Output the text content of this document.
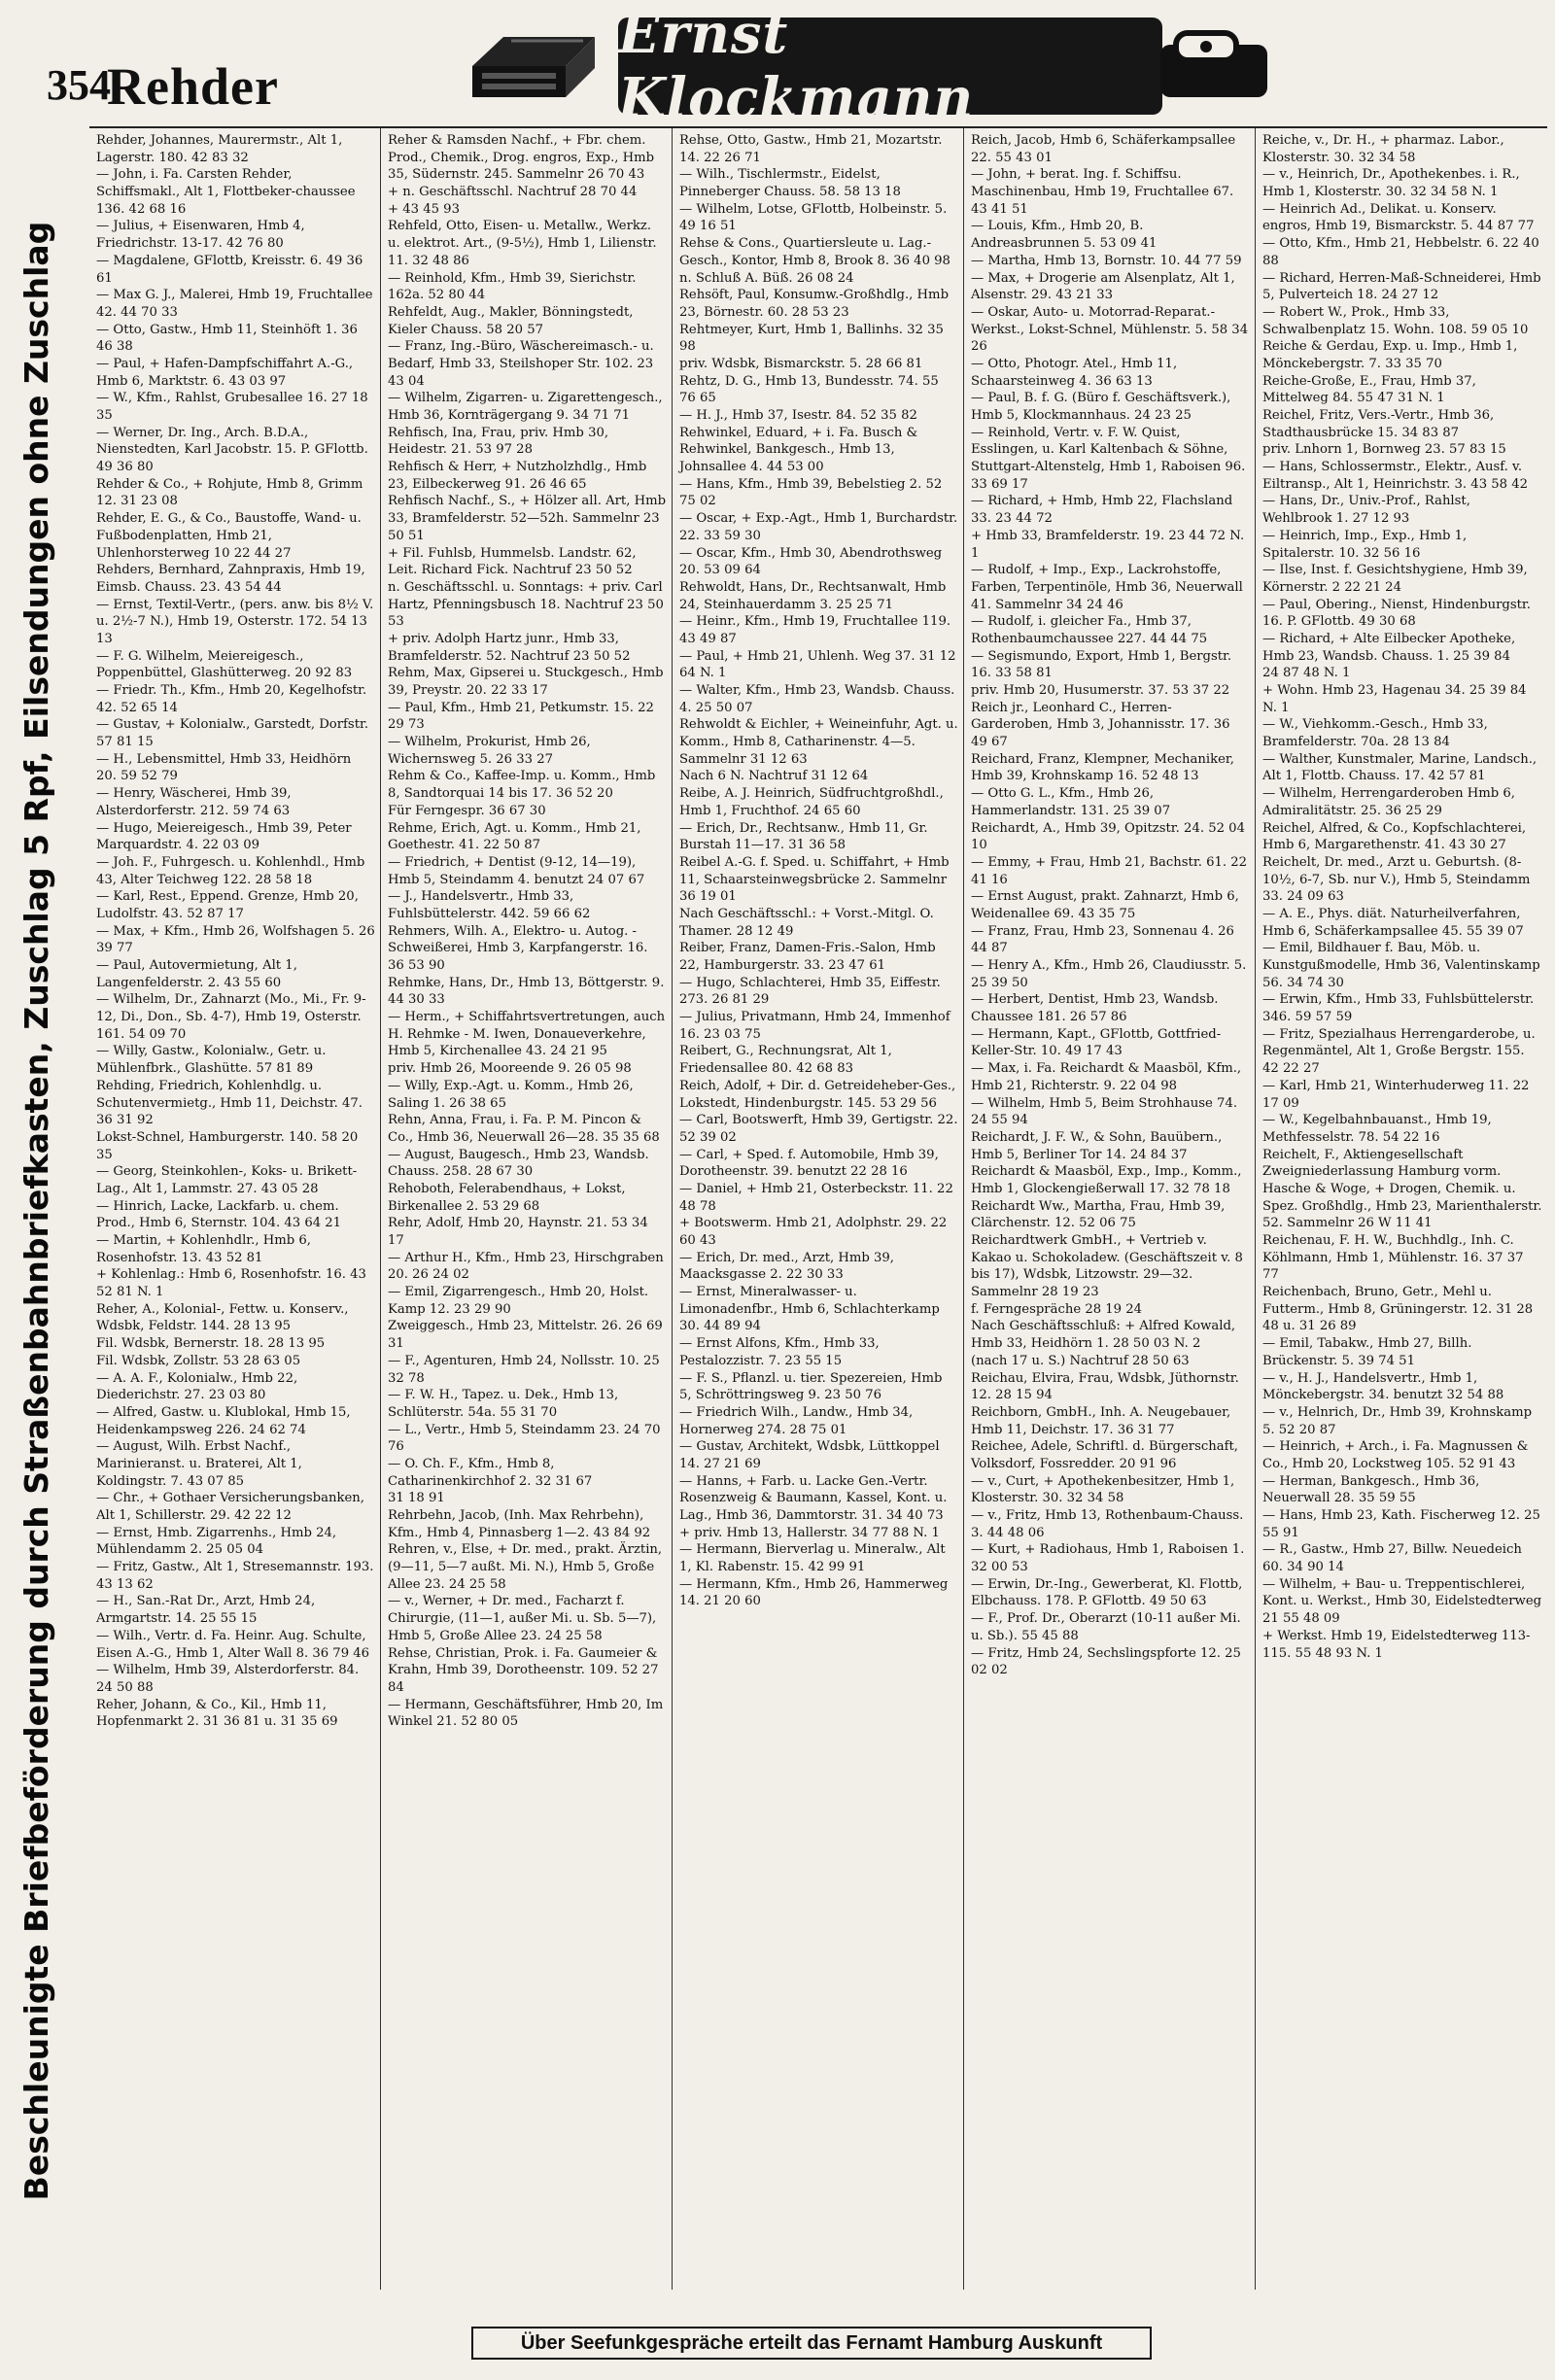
354
Rehder
Ernst Klockmann
Beschleunigte Briefbeförderung durch Straßenbahnbriefkasten, Zuschlag 5 Rpf, Eilsendungen ohne Zuschlag
Rehder, Johannes, Maurermstr., Alt 1, Lagerstr. 180. 42 83 32
— John, i. Fa. Carsten Rehder, Schiffsmakl., Alt 1, Flottbeker-chaussee 136. 42 68 16
— Julius, + Eisenwaren, Hmb 4, Friedrichstr. 13-17. 42 76 80
— Magdalene, GFlottb, Kreisstr. 6. 49 36 61
— Max G. J., Malerei, Hmb 19, Fruchtallee 42. 44 70 33
— Otto, Gastw., Hmb 11, Steinhöft 1. 36 46 38
— Paul, + Hafen-Dampfschiffahrt A.-G., Hmb 6, Marktstr. 6. 43 03 97
— W., Kfm., Rahlst, Grubesallee 16. 27 18 35
— Werner, Dr. Ing., Arch. B.D.A., Nienstedten, Karl Jacobstr. 15. P. GFlottb. 49 36 80
Rehder & Co., + Rohjute, Hmb 8, Grimm 12. 31 23 08
Rehder, E. G., & Co., Baustoffe, Wand- u. Fußbodenplatten, Hmb 21, Uhlenhorsterweg 10 22 44 27
Rehders, Bernhard, Zahnpraxis, Hmb 19, Eimsb. Chauss. 23. 43 54 44
— Ernst, Textil-Vertr., (pers. anw. bis 8½ V. u. 2½-7 N.), Hmb 19, Osterstr. 172. 54 13 13
— F. G. Wilhelm, Meiereigesch., Poppenbüttel, Glashütterweg. 20 92 83
— Friedr. Th., Kfm., Hmb 20, Kegelhofstr. 42. 52 65 14
— Gustav, + Kolonialw., Garstedt, Dorfstr. 57 81 15
— H., Lebensmittel, Hmb 33, Heidhörn 20. 59 52 79
— Henry, Wäscherei, Hmb 39, Alsterdorferstr. 212. 59 74 63
— Hugo, Meiereigesch., Hmb 39, Peter Marquardstr. 4. 22 03 09
— Joh. F., Fuhrgesch. u. Kohlenhdl., Hmb 43, Alter Teichweg 122. 28 58 18
— Karl, Rest., Eppend. Grenze, Hmb 20, Ludolfstr. 43. 52 87 17
— Max, + Kfm., Hmb 26, Wolfshagen 5. 26 39 77
— Paul, Autovermietung, Alt 1, Langenfelderstr. 2. 43 55 60
— Wilhelm, Dr., Zahnarzt (Mo., Mi., Fr. 9-12, Di., Don., Sb. 4-7), Hmb 19, Osterstr. 161. 54 09 70
— Willy, Gastw., Kolonialw., Getr. u. Mühlenfbrk., Glashütte. 57 81 89
Rehding, Friedrich, Kohlenhdlg. u. Schutenvermietg., Hmb 11, Deichstr. 47. 36 31 92
Lokst-Schnel, Hamburgerstr. 140. 58 20 35
— Georg, Steinkohlen-, Koks- u. Brikett-Lag., Alt 1, Lammstr. 27. 43 05 28
— Hinrich, Lacke, Lackfarb. u. chem. Prod., Hmb 6, Sternstr. 104. 43 64 21
— Martin, + Kohlenhdlr., Hmb 6, Rosenhofstr. 13. 43 52 81
+ Kohlenlag.: Hmb 6, Rosenhofstr. 16. 43 52 81 N. 1
Reher, A., Kolonial-, Fettw. u. Konserv., Wdsbk, Feldstr. 144. 28 13 95
Fil. Wdsbk, Bernerstr. 18. 28 13 95
Fil. Wdsbk, Zollstr. 53 28 63 05
— A. A. F., Kolonialw., Hmb 22, Diederichstr. 27. 23 03 80
— Alfred, Gastw. u. Klublokal, Hmb 15, Heidenkampsweg 226. 24 62 74
— August, Wilh. Erbst Nachf., Marinieranst. u. Braterei, Alt 1, Koldingstr. 7. 43 07 85
— Chr., + Gothaer Versicherungsbanken, Alt 1, Schillerstr. 29. 42 22 12
— Ernst, Hmb. Zigarrenhs., Hmb 24, Mühlendamm 2. 25 05 04
— Fritz, Gastw., Alt 1, Stresemannstr. 193. 43 13 62
— H., San.-Rat Dr., Arzt, Hmb 24, Armgartstr. 14. 25 55 15
— Wilh., Vertr. d. Fa. Heinr. Aug. Schulte, Eisen A.-G., Hmb 1, Alter Wall 8. 36 79 46
— Wilhelm, Hmb 39, Alsterdorferstr. 84. 24 50 88
Reher, Johann, & Co., Kil., Hmb 11, Hopfenmarkt 2. 31 36 81 u. 31 35 69
Reher & Ramsden Nachf., + Fbr. chem. Prod., Chemik., Drog. engros, Exp., Hmb 35, Südernstr. 245. Sammelnr 26 70 43
+ n. Geschäftsschl. Nachtruf 28 70 44
+ 43 45 93
Rehfeld, Otto, Eisen- u. Metallw., Werkz. u. elektrot. Art., (9-5½), Hmb 1, Lilienstr. 11. 32 48 86
— Reinhold, Kfm., Hmb 39, Sierichstr. 162a. 52 80 44
Rehfeldt, Aug., Makler, Bönningstedt, Kieler Chauss. 58 20 57
— Franz, Ing.-Büro, Wäschereimasch.- u. Bedarf, Hmb 33, Steilshoper Str. 102. 23 43 04
— Wilhelm, Zigarren- u. Zigarettengesch., Hmb 36, Kornträgergang 9. 34 71 71
Rehfisch, Ina, Frau, priv. Hmb 30, Heidestr. 21. 53 97 28
Rehfisch & Herr, + Nutzholzhdlg., Hmb 23, Eilbeckerweg 91. 26 46 65
Rehfisch Nachf., S., + Hölzer all. Art, Hmb 33, Bramfelderstr. 52—52h. Sammelnr 23 50 51
+ Fil. Fuhlsb, Hummelsb. Landstr. 62, Leit. Richard Fick. Nachtruf 23 50 52
n. Geschäftsschl. u. Sonntags: + priv. Carl Hartz, Pfenningsbusch 18. Nachtruf 23 50 53
+ priv. Adolph Hartz junr., Hmb 33, Bramfelderstr. 52. Nachtruf 23 50 52
Rehm, Max, Gipserei u. Stuckgesch., Hmb 39, Preystr. 20. 22 33 17
— Paul, Kfm., Hmb 21, Petkumstr. 15. 22 29 73
— Wilhelm, Prokurist, Hmb 26, Wichernsweg 5. 26 33 27
Rehm & Co., Kaffee-Imp. u. Komm., Hmb 8, Sandtorquai 14 bis 17. 36 52 20
Für Ferngespr. 36 67 30
Rehme, Erich, Agt. u. Komm., Hmb 21, Goethestr. 41. 22 50 87
— Friedrich, + Dentist (9-12, 14—19), Hmb 5, Steindamm 4. benutzt 24 07 67
— J., Handelsvertr., Hmb 33, Fuhlsbüttelerstr. 442. 59 66 62
Rehmers, Wilh. A., Elektro- u. Autog. - Schweißerei, Hmb 3, Karpfangerstr. 16. 36 53 90
Rehmke, Hans, Dr., Hmb 13, Böttgerstr. 9. 44 30 33
— Herm., + Schiffahrtsvertretungen, auch H. Rehmke - M. Iwen, Donaueverkehre, Hmb 5, Kirchenallee 43. 24 21 95
priv. Hmb 26, Mooreende 9. 26 05 98
— Willy, Exp.-Agt. u. Komm., Hmb 26, Saling 1. 26 38 65
Rehn, Anna, Frau, i. Fa. P. M. Pincon & Co., Hmb 36, Neuerwall 26—28. 35 35 68
— August, Baugesch., Hmb 23, Wandsb. Chauss. 258. 28 67 30
Rehoboth, Felerabendhaus, + Lokst, Birkenallee 2. 53 29 68
Rehr, Adolf, Hmb 20, Haynstr. 21. 53 34 17
— Arthur H., Kfm., Hmb 23, Hirschgraben 20. 26 24 02
— Emil, Zigarrengesch., Hmb 20, Holst. Kamp 12. 23 29 90
Zweiggesch., Hmb 23, Mittelstr. 26. 26 69 31
— F., Agenturen, Hmb 24, Nollsstr. 10. 25 32 78
— F. W. H., Tapez. u. Dek., Hmb 13, Schlüterstr. 54a. 55 31 70
— L., Vertr., Hmb 5, Steindamm 23. 24 70 76
— O. Ch. F., Kfm., Hmb 8, Catharinenkirchhof 2. 32 31 67
31 18 91
Rehrbehn, Jacob, (Inh. Max Rehrbehn), Kfm., Hmb 4, Pinnasberg 1—2. 43 84 92
Rehren, v., Else, + Dr. med., prakt. Ärztin, (9—11, 5—7 außt. Mi. N.), Hmb 5, Große Allee 23. 24 25 58
— v., Werner, + Dr. med., Facharzt f. Chirurgie, (11—1, außer Mi. u. Sb. 5—7), Hmb 5, Große Allee 23. 24 25 58
Rehse, Christian, Prok. i. Fa. Gaumeier & Krahn, Hmb 39, Dorotheenstr. 109. 52 27 84
— Hermann, Geschäftsführer, Hmb 20, Im Winkel 21. 52 80 05
Rehse, Otto, Gastw., Hmb 21, Mozartstr. 14. 22 26 71
— Wilh., Tischlermstr., Eidelst, Pinneberger Chauss. 58. 58 13 18
— Wilhelm, Lotse, GFlottb, Holbeinstr. 5. 49 16 51
Rehse & Cons., Quartiersleute u. Lag.-Gesch., Kontor, Hmb 8, Brook 8. 36 40 98
n. Schluß A. Büß. 26 08 24
Rehsöft, Paul, Konsumw.-Großhdlg., Hmb 23, Börnestr. 60. 28 53 23
Rehtmeyer, Kurt, Hmb 1, Ballinhs. 32 35 98
priv. Wdsbk, Bismarckstr. 5. 28 66 81
Rehtz, D. G., Hmb 13, Bundesstr. 74. 55 76 65
— H. J., Hmb 37, Isestr. 84. 52 35 82
Rehwinkel, Eduard, + i. Fa. Busch & Rehwinkel, Bankgesch., Hmb 13, Johnsallee 4. 44 53 00
— Hans, Kfm., Hmb 39, Bebelstieg 2. 52 75 02
— Oscar, + Exp.-Agt., Hmb 1, Burchardstr. 22. 33 59 30
— Oscar, Kfm., Hmb 30, Abendrothsweg 20. 53 09 64
Rehwoldt, Hans, Dr., Rechtsanwalt, Hmb 24, Steinhauerdamm 3. 25 25 71
— Heinr., Kfm., Hmb 19, Fruchtallee 119. 43 49 87
— Paul, + Hmb 21, Uhlenh. Weg 37. 31 12 64 N. 1
— Walter, Kfm., Hmb 23, Wandsb. Chauss. 4. 25 50 07
Rehwoldt & Eichler, + Weineinfuhr, Agt. u. Komm., Hmb 8, Catharinenstr. 4—5. Sammelnr 31 12 63
Nach 6 N. Nachtruf 31 12 64
Reibe, A. J. Heinrich, Südfruchtgroßhdl., Hmb 1, Fruchthof. 24 65 60
— Erich, Dr., Rechtsanw., Hmb 11, Gr. Burstah 11—17. 31 36 58
Reibel A.-G. f. Sped. u. Schiffahrt, + Hmb 11, Schaarsteinwegsbrücke 2. Sammelnr 36 19 01
Nach Geschäftsschl.: + Vorst.-Mitgl. O. Thamer. 28 12 49
Reiber, Franz, Damen-Fris.-Salon, Hmb 22, Hamburgerstr. 33. 23 47 61
— Hugo, Schlachterei, Hmb 35, Eiffestr. 273. 26 81 29
— Julius, Privatmann, Hmb 24, Immenhof 16. 23 03 75
Reibert, G., Rechnungsrat, Alt 1, Friedensallee 80. 42 68 83
Reich, Adolf, + Dir. d. Getreideheber-Ges., Lokstedt, Hindenburgstr. 145. 53 29 56
— Carl, Bootswerft, Hmb 39, Gertigstr. 22. 52 39 02
— Carl, + Sped. f. Automobile, Hmb 39, Dorotheenstr. 39. benutzt 22 28 16
— Daniel, + Hmb 21, Osterbeckstr. 11. 22 48 78
+ Bootswerm. Hmb 21, Adolphstr. 29. 22 60 43
— Erich, Dr. med., Arzt, Hmb 39, Maacksgasse 2. 22 30 33
— Ernst, Mineralwasser- u. Limonadenfbr., Hmb 6, Schlachterkamp 30. 44 89 94
— Ernst Alfons, Kfm., Hmb 33, Pestalozzistr. 7. 23 55 15
— F. S., Pflanzl. u. tier. Spezereien, Hmb 5, Schröttringsweg 9. 23 50 76
— Friedrich Wilh., Landw., Hmb 34, Hornerweg 274. 28 75 01
— Gustav, Architekt, Wdsbk, Lüttkoppel 14. 27 21 69
— Hanns, + Farb. u. Lacke Gen.-Vertr. Rosenzweig & Baumann, Kassel, Kont. u. Lag., Hmb 36, Dammtorstr. 31. 34 40 73
+ priv. Hmb 13, Hallerstr. 34 77 88 N. 1
— Hermann, Bierverlag u. Mineralw., Alt 1, Kl. Rabenstr. 15. 42 99 91
— Hermann, Kfm., Hmb 26, Hammerweg 14. 21 20 60
Reich, Jacob, Hmb 6, Schäferkampsallee 22. 55 43 01
— John, + berat. Ing. f. Schiffsu. Maschinenbau, Hmb 19, Fruchtallee 67. 43 41 51
— Louis, Kfm., Hmb 20, B. Andreasbrunnen 5. 53 09 41
— Martha, Hmb 13, Bornstr. 10. 44 77 59
— Max, + Drogerie am Alsenplatz, Alt 1, Alsenstr. 29. 43 21 33
— Oskar, Auto- u. Motorrad-Reparat.-Werkst., Lokst-Schnel, Mühlenstr. 5. 58 34 26
— Otto, Photogr. Atel., Hmb 11, Schaarsteinweg 4. 36 63 13
— Paul, B. f. G. (Büro f. Geschäftsverk.), Hmb 5, Klockmannhaus. 24 23 25
— Reinhold, Vertr. v. F. W. Quist, Esslingen, u. Karl Kaltenbach & Söhne, Stuttgart-Altenstelg, Hmb 1, Raboisen 96. 33 69 17
— Richard, + Hmb, Hmb 22, Flachsland 33. 23 44 72
+ Hmb 33, Bramfelderstr. 19. 23 44 72 N. 1
— Rudolf, + Imp., Exp., Lackrohstoffe, Farben, Terpentinöle, Hmb 36, Neuerwall 41. Sammelnr 34 24 46
— Rudolf, i. gleicher Fa., Hmb 37, Rothenbaumchaussee 227. 44 44 75
— Segismundo, Export, Hmb 1, Bergstr. 16. 33 58 81
priv. Hmb 20, Husumerstr. 37. 53 37 22
Reich jr., Leonhard C., Herren-Garderoben, Hmb 3, Johannisstr. 17. 36 49 67
Reichard, Franz, Klempner, Mechaniker, Hmb 39, Krohnskamp 16. 52 48 13
— Otto G. L., Kfm., Hmb 26, Hammerlandstr. 131. 25 39 07
Reichardt, A., Hmb 39, Opitzstr. 24. 52 04 10
— Emmy, + Frau, Hmb 21, Bachstr. 61. 22 41 16
— Ernst August, prakt. Zahnarzt, Hmb 6, Weidenallee 69. 43 35 75
— Franz, Frau, Hmb 23, Sonnenau 4. 26 44 87
— Henry A., Kfm., Hmb 26, Claudiusstr. 5. 25 39 50
— Herbert, Dentist, Hmb 23, Wandsb. Chaussee 181. 26 57 86
— Hermann, Kapt., GFlottb, Gottfried-Keller-Str. 10. 49 17 43
— Max, i. Fa. Reichardt & Maasböl, Kfm., Hmb 21, Richterstr. 9. 22 04 98
— Wilhelm, Hmb 5, Beim Strohhause 74. 24 55 94
Reichardt, J. F. W., & Sohn, Bauübern., Hmb 5, Berliner Tor 14. 24 84 37
Reichardt & Maasböl, Exp., Imp., Komm., Hmb 1, Glockengießerwall 17. 32 78 18
Reichardt Ww., Martha, Frau, Hmb 39, Clärchenstr. 12. 52 06 75
Reichardtwerk GmbH., + Vertrieb v. Kakao u. Schokoladew. (Geschäftszeit v. 8 bis 17), Wdsbk, Litzowstr. 29—32. Sammelnr 28 19 23
f. Ferngespräche 28 19 24
Nach Geschäftsschluß: + Alfred Kowald, Hmb 33, Heidhörn 1. 28 50 03 N. 2
(nach 17 u. S.) Nachtruf 28 50 63
Reichau, Elvira, Frau, Wdsbk, Jüthornstr. 12. 28 15 94
Reichborn, GmbH., Inh. A. Neugebauer, Hmb 11, Deichstr. 17. 36 31 77
Reichee, Adele, Schriftl. d. Bürgerschaft, Volksdorf, Fossredder. 20 91 96
— v., Curt, + Apothekenbesitzer, Hmb 1, Klosterstr. 30. 32 34 58
— v., Fritz, Hmb 13, Rothenbaum-Chauss. 3. 44 48 06
— Kurt, + Radiohaus, Hmb 1, Raboisen 1. 32 00 53
— Erwin, Dr.-Ing., Gewerberat, Kl. Flottb, Elbchauss. 178. P. GFlottb. 49 50 63
— F., Prof. Dr., Oberarzt (10-11 außer Mi. u. Sb.). 55 45 88
— Fritz, Hmb 24, Sechslingspforte 12. 25 02 02
Reiche, v., Dr. H., + pharmaz. Labor., Klosterstr. 30. 32 34 58
— v., Heinrich, Dr., Apothekenbes. i. R., Hmb 1, Klosterstr. 30. 32 34 58 N. 1
— Heinrich Ad., Delikat. u. Konserv. engros, Hmb 19, Bismarckstr. 5. 44 87 77
— Otto, Kfm., Hmb 21, Hebbelstr. 6. 22 40 88
— Richard, Herren-Maß-Schneiderei, Hmb 5, Pulverteich 18. 24 27 12
— Robert W., Prok., Hmb 33, Schwalbenplatz 15. Wohn. 108. 59 05 10
Reiche & Gerdau, Exp. u. Imp., Hmb 1, Mönckebergstr. 7. 33 35 70
Reiche-Große, E., Frau, Hmb 37, Mittelweg 84. 55 47 31 N. 1
Reichel, Fritz, Vers.-Vertr., Hmb 36, Stadthausbrücke 15. 34 83 87
priv. Lnhorn 1, Bornweg 23. 57 83 15
— Hans, Schlossermstr., Elektr., Ausf. v. Eiltransp., Alt 1, Heinrichstr. 3. 43 58 42
— Hans, Dr., Univ.-Prof., Rahlst, Wehlbrook 1. 27 12 93
— Heinrich, Imp., Exp., Hmb 1, Spitalerstr. 10. 32 56 16
— Ilse, Inst. f. Gesichtshygiene, Hmb 39, Körnerstr. 2 22 21 24
— Paul, Obering., Nienst, Hindenburgstr. 16. P. GFlottb. 49 30 68
— Richard, + Alte Eilbecker Apotheke, Hmb 23, Wandsb. Chauss. 1. 25 39 84
24 87 48 N. 1
+ Wohn. Hmb 23, Hagenau 34. 25 39 84 N. 1
— W., Viehkomm.-Gesch., Hmb 33, Bramfelderstr. 70a. 28 13 84
— Walther, Kunstmaler, Marine, Landsch., Alt 1, Flottb. Chauss. 17. 42 57 81
— Wilhelm, Herrengarderoben Hmb 6, Admiralitätstr. 25. 36 25 29
Reichel, Alfred, & Co., Kopfschlachterei, Hmb 6, Margarethenstr. 41. 43 30 27
Reichelt, Dr. med., Arzt u. Geburtsh. (8-10½, 6-7, Sb. nur V.), Hmb 5, Steindamm 33. 24 09 63
— A. E., Phys. diät. Naturheilverfahren, Hmb 6, Schäferkampsallee 45. 55 39 07
— Emil, Bildhauer f. Bau, Möb. u. Kunstgußmodelle, Hmb 36, Valentinskamp 56. 34 74 30
— Erwin, Kfm., Hmb 33, Fuhlsbüttelerstr. 346. 59 57 59
— Fritz, Spezialhaus Herrengarderobe, u. Regenmäntel, Alt 1, Große Bergstr. 155. 42 22 27
— Karl, Hmb 21, Winterhuderweg 11. 22 17 09
— W., Kegelbahnbauanst., Hmb 19, Methfesselstr. 78. 54 22 16
Reichelt, F., Aktiengesellschaft Zweigniederlassung Hamburg vorm. Hasche & Woge, + Drogen, Chemik. u. Spez. Großhdlg., Hmb 23, Marienthalerstr. 52. Sammelnr 26 W 11 41
Reichenau, F. H. W., Buchhdlg., Inh. C. Köhlmann, Hmb 1, Mühlenstr. 16. 37 37 77
Reichenbach, Bruno, Getr., Mehl u. Futterm., Hmb 8, Grüningerstr. 12. 31 28 48 u. 31 26 89
— Emil, Tabakw., Hmb 27, Billh. Brückenstr. 5. 39 74 51
— v., H. J., Handelsvertr., Hmb 1, Mönckebergstr. 34. benutzt 32 54 88
— v., Helnrich, Dr., Hmb 39, Krohnskamp 5. 52 20 87
— Heinrich, + Arch., i. Fa. Magnussen & Co., Hmb 20, Lockstweg 105. 52 91 43
— Herman, Bankgesch., Hmb 36, Neuerwall 28. 35 59 55
— Hans, Hmb 23, Kath. Fischerweg 12. 25 55 91
— R., Gastw., Hmb 27, Billw. Neuedeich 60. 34 90 14
— Wilhelm, + Bau- u. Treppentischlerei, Kont. u. Werkst., Hmb 30, Eidelstedterweg 21 55 48 09
+ Werkst. Hmb 19, Eidelstedterweg 113-115. 55 48 93 N. 1
Über Seefunkgespräche erteilt das Fernamt Hamburg Auskunft
